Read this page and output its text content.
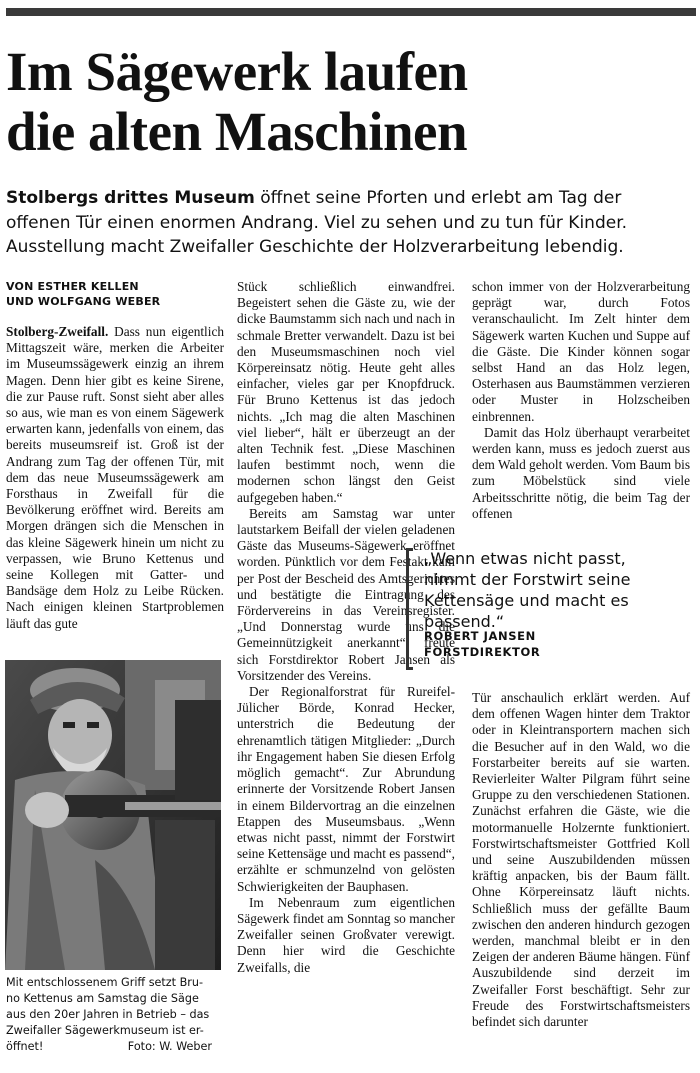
Im Sägewerk laufen
die alten Maschinen
Stolbergs drittes Museum öffnet seine Pforten und erlebt am Tag der
offenen Tür einen enormen Andrang. Viel zu sehen und zu tun für Kinder.
Ausstellung macht Zweifaller Geschichte der Holzverarbeitung lebendig.
VON ESTHER KELLEN
UND WOLFGANG WEBER

Stolberg-Zweifall. Dass nun eigentlich Mittagszeit wäre, merken die Arbeiter im Museumssägewerk einzig an ihrem Magen. Denn hier gibt es keine Sirene, die zur Pause ruft. Sonst sieht aber alles so aus, wie man es von einem Sägewerk erwarten kann, jedenfalls von einem, das bereits museumsreif ist. Groß ist der Andrang zum Tag der offenen Tür, mit dem das neue Museumssägewerk am Forsthaus in Zweifall für die Bevölkerung eröffnet wird. Bereits am Morgen drängen sich die Menschen in das kleine Sägewerk hinein um nicht zu verpassen, wie Bruno Kettenus und seine Kollegen mit Gatter- und Bandsäge dem Holz zu Leibe Rücken. Nach einigen kleinen Startproblemen läuft das gute

Mit entschlossenem Griff setzt Bru-
no Kettenus am Samstag die Säge
aus den 20er Jahren in Betrieb – das
Zweifaller Sägewerkmuseum ist er-
öffnet!	Foto: W. Weber

Stück schließlich einwandfrei. Begeistert sehen die Gäste zu, wie der dicke Baumstamm sich nach und nach in schmale Bretter verwandelt. Dazu ist bei den Museumsmaschinen noch viel Körpereinsatz nötig. Heute geht alles einfacher, vieles gar per Knopfdruck. Für Bruno Kettenus ist das jedoch nichts. „Ich mag die alten Maschinen viel lieber“, hält er überzeugt an der alten Technik fest. „Diese Maschinen laufen bestimmt noch, wenn die modernen schon längst den Geist aufgegeben haben.“

Bereits am Samstag war unter lautstarkem Beifall der vielen geladenen Gäste das Museums-Sägewerk eröffnet worden. Pünktlich vor dem Festakt kam per Post der Bescheid des Amtsgerichtes und bestätigte die Eintragung des Fördervereins in das Vereinsregister. „Und Donnerstag wurde uns die Gemeinnützigkeit anerkannt“, freute sich Forstdirektor Robert Jansen als Vorsitzender des Vereins.

Der Regionalforstrat für Rureifel-Jülicher Börde, Konrad Hecker, unterstrich die Bedeutung der ehrenamtlich tätigen Mitglieder: „Durch ihr Engagement haben Sie diesen Erfolg möglich gemacht“. Zur Abrundung erinnerte der Vorsitzende Robert Jansen in einem Bildervortrag an die einzelnen Etappen des Museumsbaus. „Wenn etwas nicht passt, nimmt der Forstwirt seine Kettensäge und macht es passend“, erzählte er schmunzelnd von gelösten Schwierigkeiten der Bauphasen.

Im Nebenraum zum eigentlichen Sägewerk findet am Sonntag so mancher Zweifaller seinen Großvater verewigt. Denn hier wird die Geschichte Zweifalls, die

schon immer von der Holzverarbeitung geprägt war, durch Fotos veranschaulicht. Im Zelt hinter dem Sägewerk warten Kuchen und Suppe auf die Gäste. Die Kinder können sogar selbst Hand an das Holz legen, Osterhasen aus Baumstämmen verzieren oder Muster in Holzscheiben einbrennen.

Damit das Holz überhaupt verarbeitet werden kann, muss es jedoch zuerst aus dem Wald geholt werden. Vom Baum bis zum Möbelstück sind viele Arbeitsschritte nötig, die beim Tag der offenen

„Wenn etwas nicht passt,
nimmt der Forstwirt seine
Kettensäge und macht es
passend.“
ROBERT JANSEN
FORSTDIREKTOR

Tür anschaulich erklärt werden. Auf dem offenen Wagen hinter dem Traktor oder in Kleintransportern machen sich die Besucher auf in den Wald, wo die Forstarbeiter bereits auf sie warten. Revierleiter Walter Pilgram führt seine Gruppe zu den verschiedenen Stationen. Zunächst erfahren die Gäste, wie die motormanuelle Holzernte funktioniert. Forstwirtschaftsmeister Gottfried Koll und seine Auszubildenden müssen kräftig anpacken, bis der Baum fällt. Ohne Körpereinsatz läuft nichts. Schließlich muss der gefällte Baum zwischen den anderen hindurch gezogen werden, manchmal bleibt er in den Zeigen der anderen Bäume hängen. Fünf Auszubildende sind derzeit im Zweifaller Forst beschäftigt. Sehr zur Freude des Forstwirtschaftsmeisters befindet sich darunter
